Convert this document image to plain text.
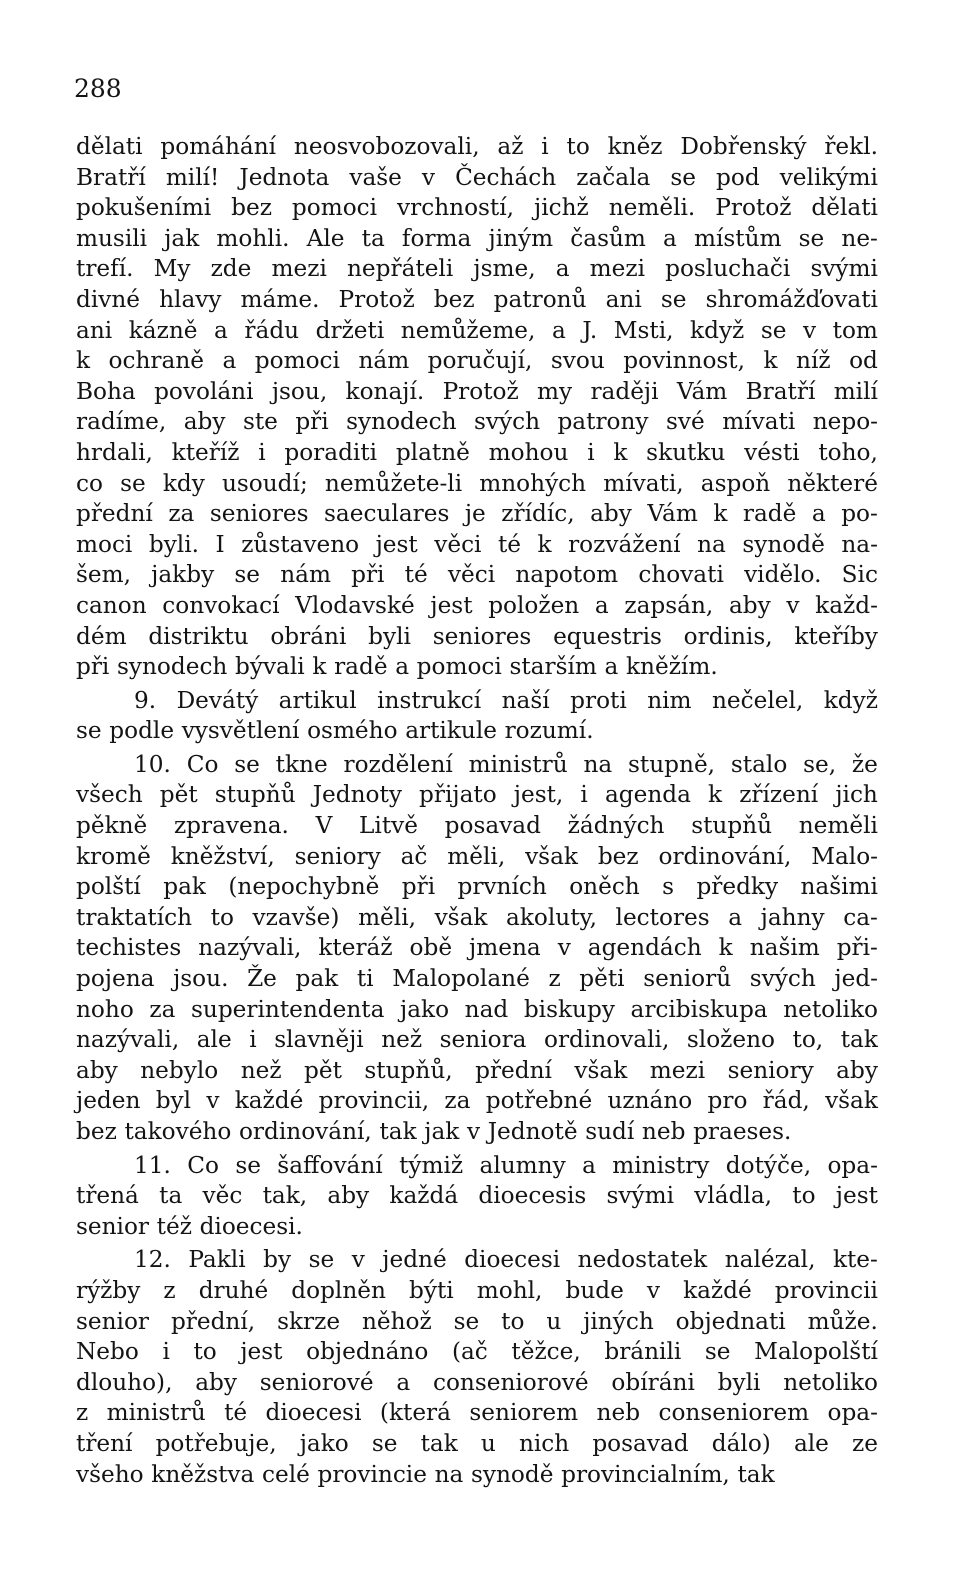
288
dělati pomáhání neosvobozovali, až i to kněz Dobřenský řekl.
Bratří milí! Jednota vaše v Čechách začala se pod velikými
pokušeními bez pomoci vrchností, jichž neměli. Protož dělati
musili jak mohli. Ale ta forma jiným časům a místům se ne-
trefí. My zde mezi nepřáteli jsme, a mezi posluchači svými
divné hlavy máme. Protož bez patronů ani se shromážďovati
ani kázně a řádu držeti nemůžeme, a J. Msti, když se v tom
k ochraně a pomoci nám poručují, svou povinnost, k níž od
Boha povoláni jsou, konají. Protož my raději Vám Bratří milí
radíme, aby ste při synodech svých patrony své mívati nepo-
hrdali, kteříž i poraditi platně mohou i k skutku vésti toho,
co se kdy usoudí; nemůžete-li mnohých mívati, aspoň některé
přední za seniores saeculares je zřídíc, aby Vám k radě a po-
moci byli. I zůstaveno jest věci té k rozvážení na synodě na-
šem, jakby se nám při té věci napotom chovati vidělo. Sic
canon convokací Vlodavské jest položen a zapsán, aby v každ-
dém distriktu obráni byli seniores equestris ordinis, kteříby
při synodech bývali k radě a pomoci starším a kněžím.
9. Devátý artikul instrukcí naší proti nim nečelel, když
se podle vysvětlení osmého artikule rozumí.
10. Co se tkne rozdělení ministrů na stupně, stalo se, že
všech pět stupňů Jednoty přijato jest, i agenda k zřízení jich
pěkně zpravena. V Litvě posavad žádných stupňů neměli
kromě kněžství, seniory ač měli, však bez ordinování, Malo-
polští pak (nepochybně při prvních oněch s předky našimi
traktatích to vzavše) měli, však akoluty, lectores a jahny ca-
techistes nazývali, kteráž obě jmena v agendách k našim při-
pojena jsou. Že pak ti Malopolané z pěti seniorů svých jed-
noho za superintendenta jako nad biskupy arcibiskupa netoliko
nazývali, ale i slavněji než seniora ordinovali, složeno to, tak
aby nebylo než pět stupňů, přední však mezi seniory aby
jeden byl v každé provincii, za potřebné uznáno pro řád, však
bez takového ordinování, tak jak v Jednotě sudí neb praeses.
11. Co se šaffování týmiž alumny a ministry dotýče, opa-
třená ta věc tak, aby každá dioecesis svými vládla, to jest
senior též dioecesi.
12. Pakli by se v jedné dioecesi nedostatek nalézal, kte-
rýžby z druhé doplněn býti mohl, bude v každé provincii
senior přední, skrze něhož se to u jiných objednati může.
Nebo i to jest objednáno (ač těžce, bránili se Malopolští
dlouho), aby seniorové a conseniorové obíráni byli netoliko
z ministrů té dioecesi (která seniorem neb conseniorem opa-
tření potřebuje, jako se tak u nich posavad dálo) ale ze
všeho kněžstva celé provincie na synodě provincialním, tak
